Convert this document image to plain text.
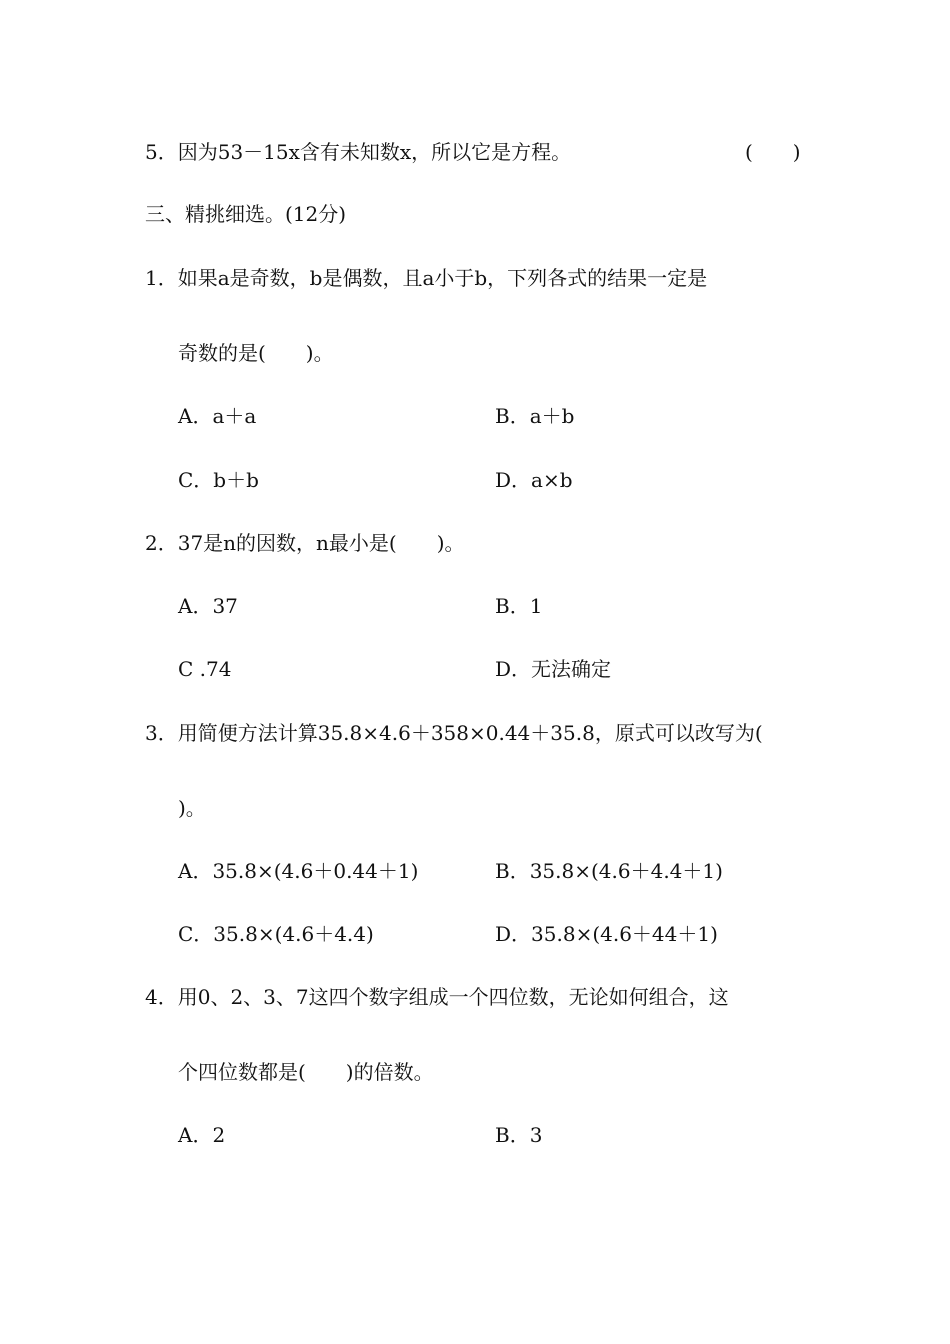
5．因为53－15x含有未知数x，所以它是方程。	(　　)
三、精挑细选。(12分)
1．如果a是奇数，b是偶数，且a小于b，下列各式的结果一定是
奇数的是(　　)。
A．a＋a	B．a＋b
C．b＋b	D．a×b
2．37是n的因数，n最小是(　　)。
A．37	B．1
C .74	D．无法确定
3．用简便方法计算35.8×4.6＋358×0.44＋35.8，原式可以改写为(
)。
A．35.8×(4.6＋0.44＋1)	B．35.8×(4.6＋4.4＋1)
C．35.8×(4.6＋4.4)	D．35.8×(4.6＋44＋1)
4．用0、2、3、7这四个数字组成一个四位数，无论如何组合，这
个四位数都是(　　)的倍数。
A．2	B．3
